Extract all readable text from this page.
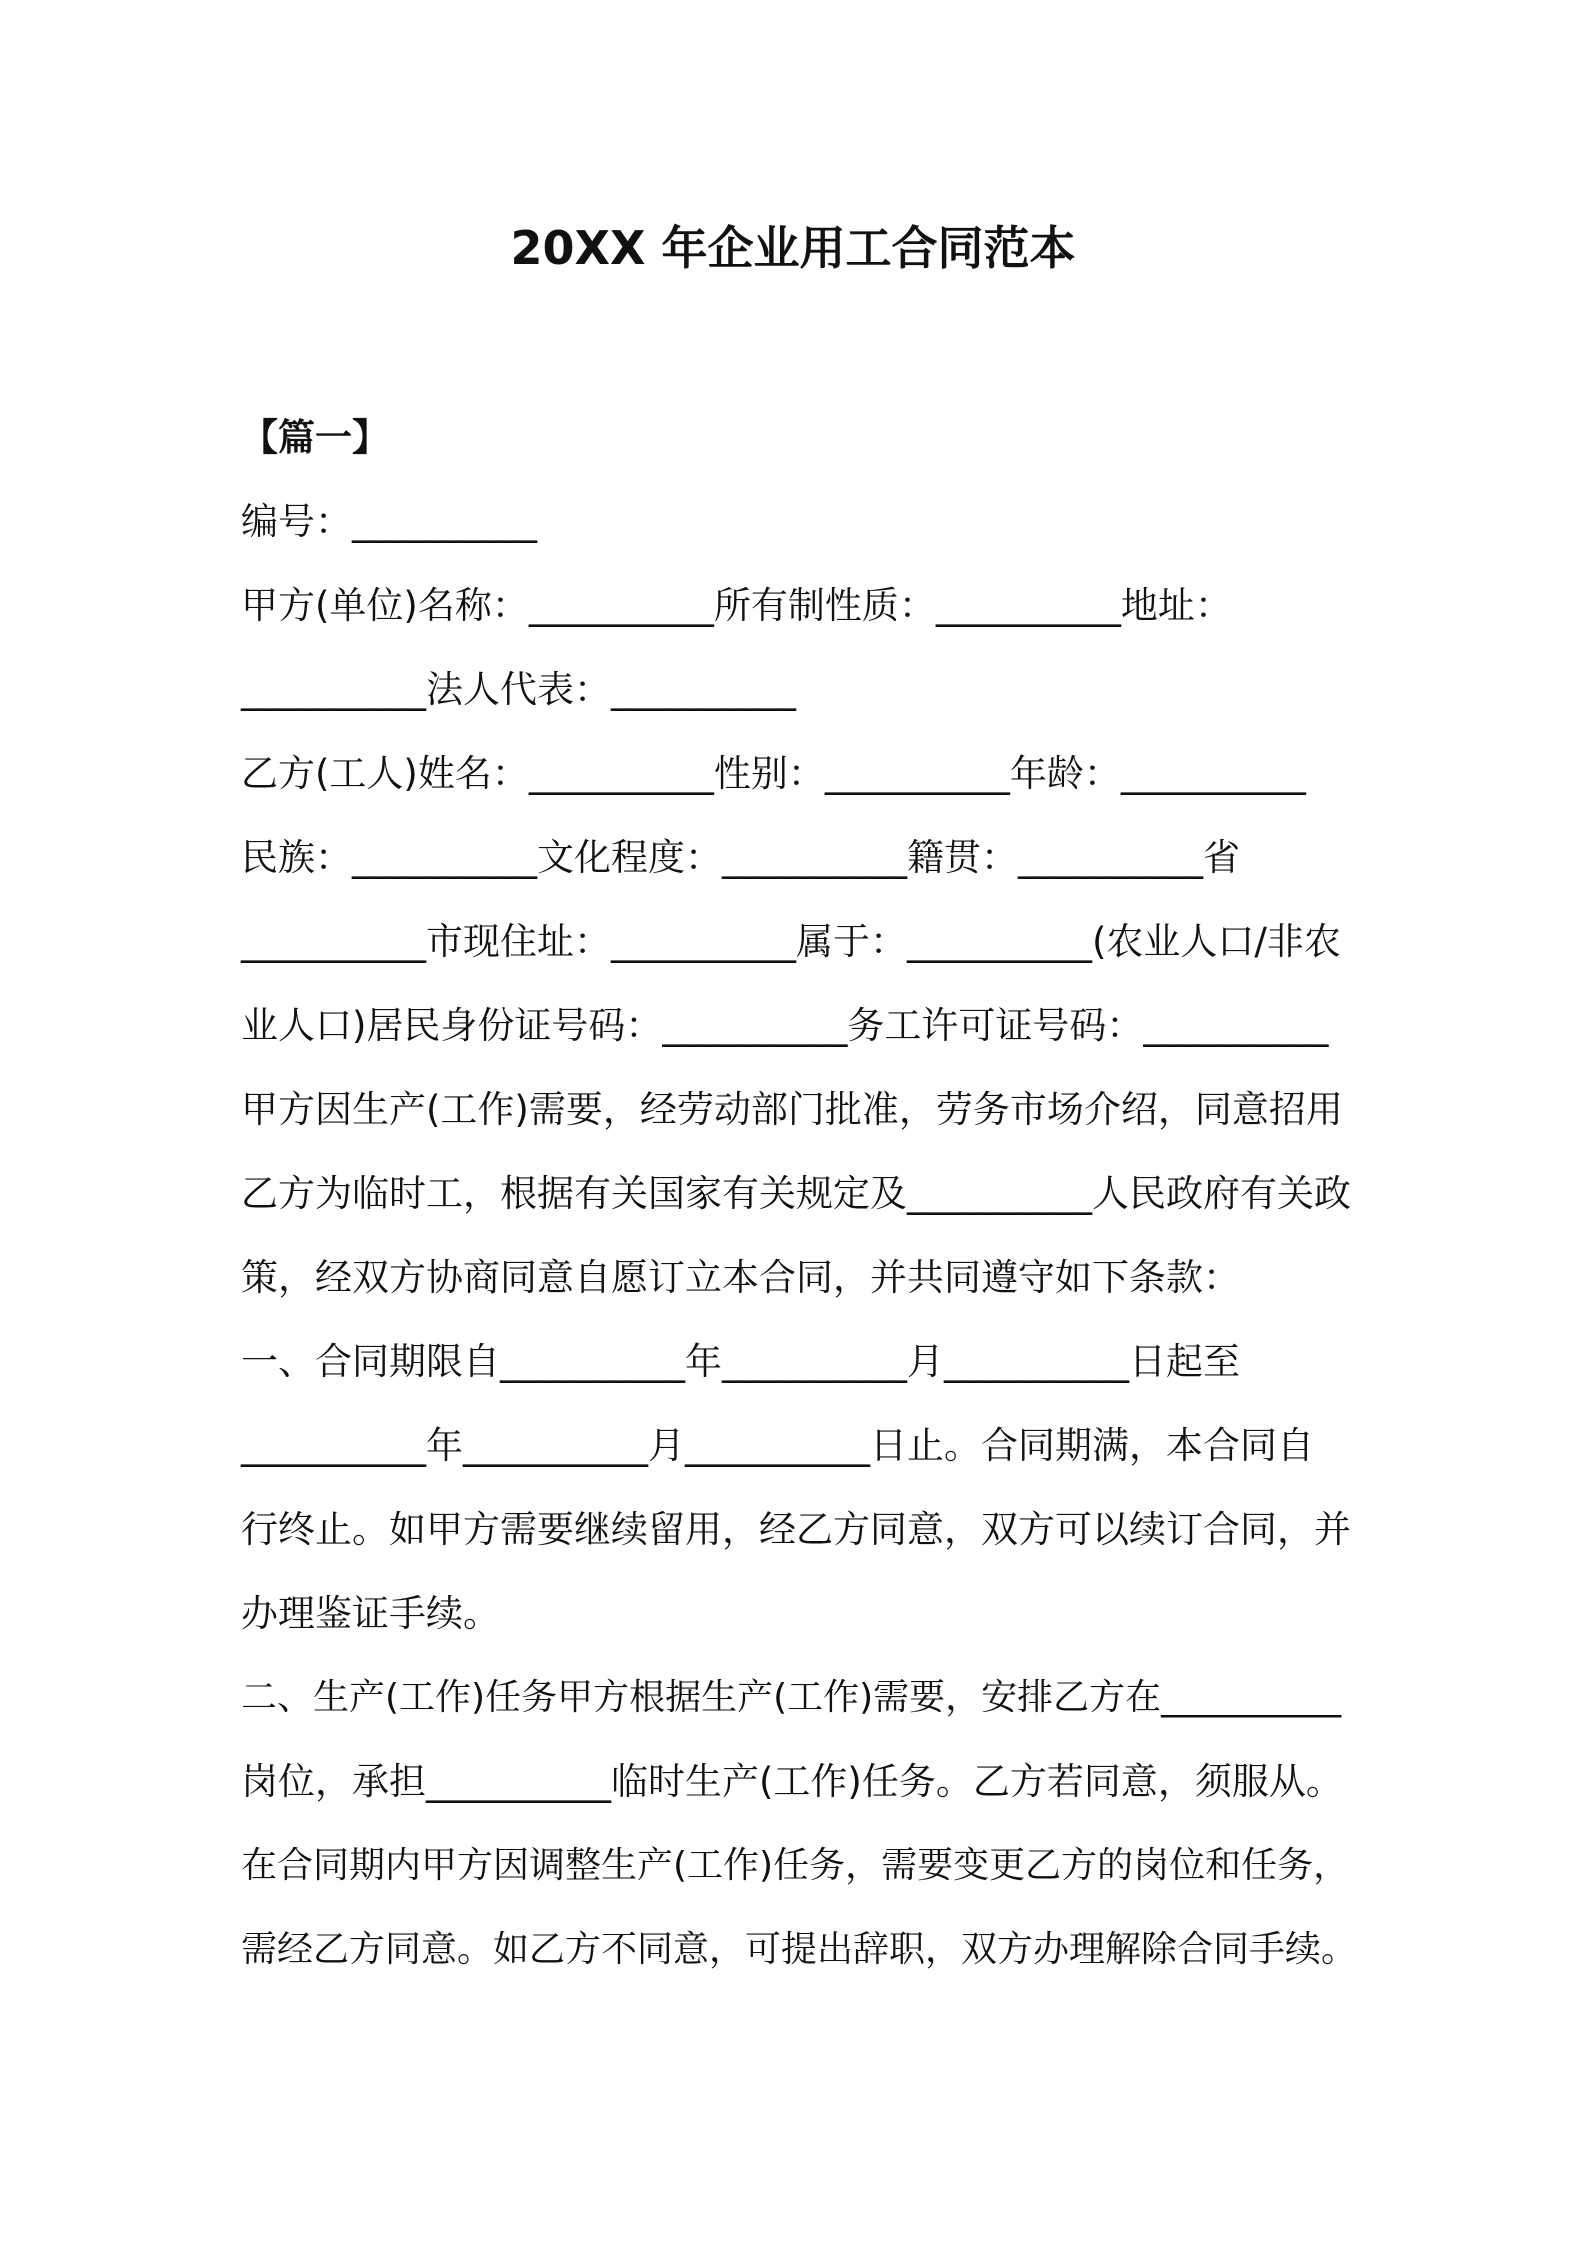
20XX 年企业用工合同范本
【篇一】
编号：__________
甲方(单位)名称：__________所有制性质：__________地址：
__________法人代表：__________
乙方(工人)姓名：__________性别：__________年龄：__________
民族：__________文化程度：__________籍贯：__________省
__________市现住址：__________属于：__________(农业人口/非农
业人口)居民身份证号码：__________务工许可证号码：__________
甲方因生产(工作)需要，经劳动部门批准，劳务市场介绍，同意招用
乙方为临时工，根据有关国家有关规定及__________人民政府有关政
策，经双方协商同意自愿订立本合同，并共同遵守如下条款：
一、合同期限自__________年__________月__________日起至
__________年__________月__________日止。合同期满，本合同自
行终止。如甲方需要继续留用，经乙方同意，双方可以续订合同，并
办理鉴证手续。
二、生产(工作)任务甲方根据生产(工作)需要，安排乙方在__________
岗位，承担__________临时生产(工作)任务。乙方若同意，须服从。
在合同期内甲方因调整生产(工作)任务，需要变更乙方的岗位和任务，
需经乙方同意。如乙方不同意，可提出辞职，双方办理解除合同手续。
